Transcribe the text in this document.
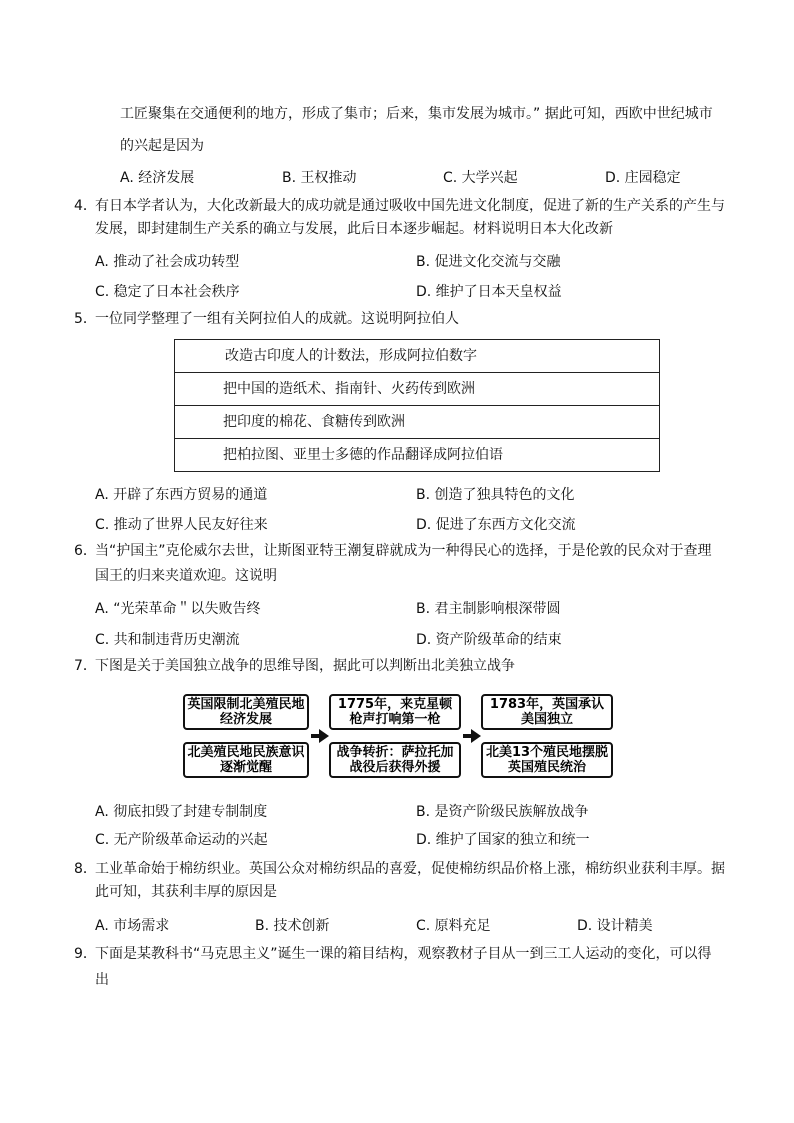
工匠聚集在交通便利的地方，形成了集市；后来，集市发展为城市。” 据此可知，西欧中世纪城市
的兴起是因为
A. 经济发展	B. 王权推动	C. 大学兴起	D. 庄园稳定
4．
有日本学者认为，大化改新最大的成功就是通过吸收中国先进文化制度，促进了新的生产关系的产生与
发展，即封建制生产关系的确立与发展，此后日本逐步崛起。材料说明日本大化改新
A. 推动了社会成功转型	B. 促进文化交流与交融
C. 稳定了日本社会秩序	D. 维护了日本天皇权益
5．
一位同学整理了一组有关阿拉伯人的成就。这说明阿拉伯人
改造古印度人的计数法，形成阿拉伯数字
把中国的造纸术、指南针、火药传到欧洲
把印度的棉花、食糖传到欧洲
把柏拉图、亚里士多德的作品翻译成阿拉伯语
A. 开辟了东西方贸易的通道	B. 创造了独具特色的文化
C. 推动了世界人民友好往来	D. 促进了东西方文化交流
6．
当“护国主”克伦威尔去世，让斯图亚特王潮复辟就成为一种得民心的选择，于是伦敦的民众对于查理
国王的归来夹道欢迎。这说明
A. “光荣革命＂以失败告终	B. 君主制影响根深带圆
C. 共和制违背历史潮流	D. 资产阶级革命的结束
7．
下图是关于美国独立战争的思维导图，据此可以判断出北美独立战争
英国限制北美殖民地经济发展
北美殖民地民族意识逐渐觉醒
1775年，来克星顿枪声打响第一枪
战争转折：萨拉托加战役后获得外援
1783年，英国承认美国独立
北美13个殖民地摆脱英国殖民统治
A. 彻底扣毁了封建专制制度	B. 是资产阶级民族解放战争
C. 无产阶级革命运动的兴起	D. 维护了国家的独立和统一
8．
工业革命始于棉纺织业。英国公众对棉纺织品的喜爱，促使棉纺织品价格上涨，棉纺织业获利丰厚。据
此可知，其获利丰厚的原因是
A. 市场需求	B. 技术创新	C. 原料充足	D. 设计精美
9．
下面是某教科书“马克思主义”诞生一课的箱目结构，观察教材子目从一到三工人运动的变化，可以得
出
